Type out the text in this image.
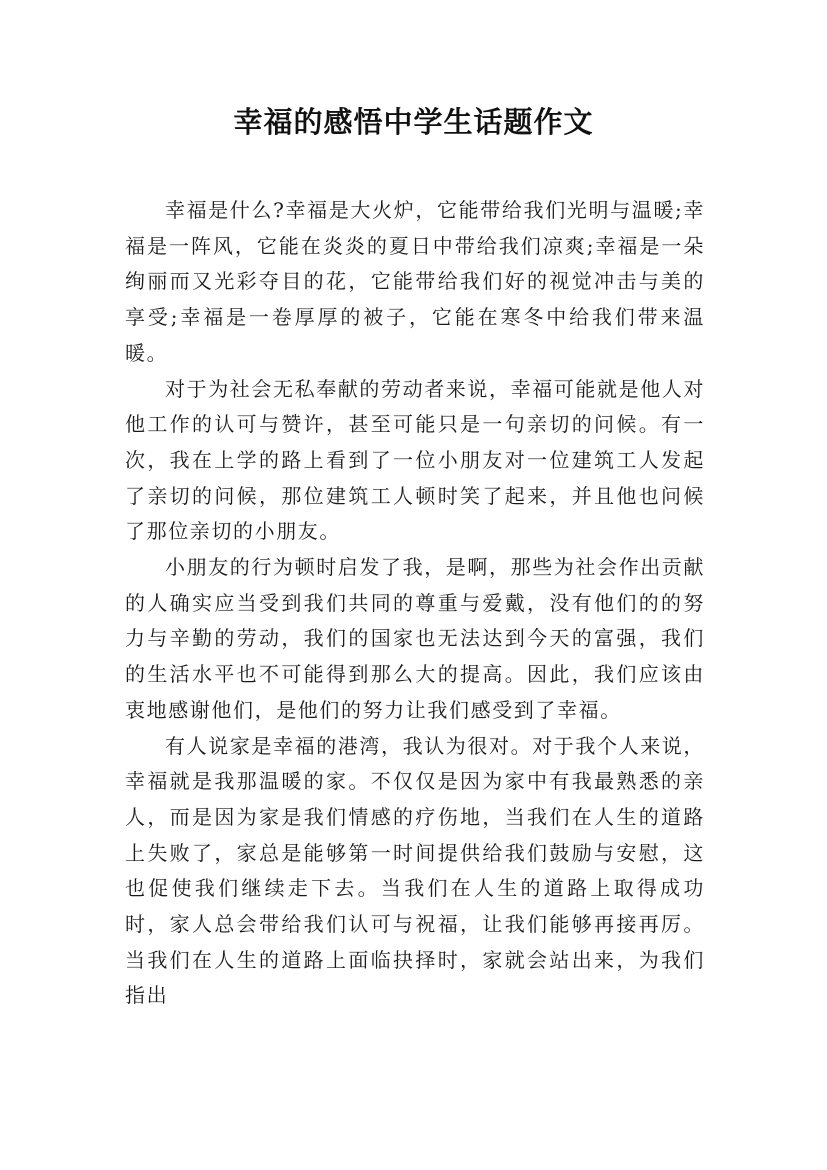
幸福的感悟中学生话题作文

幸福是什么?幸福是大火炉，它能带给我们光明与温暖;幸福是一阵风，它能在炎炎的夏日中带给我们凉爽;幸福是一朵绚丽而又光彩夺目的花，它能带给我们好的视觉冲击与美的享受;幸福是一卷厚厚的被子，它能在寒冬中给我们带来温暖。

对于为社会无私奉献的劳动者来说，幸福可能就是他人对他工作的认可与赞许，甚至可能只是一句亲切的问候。有一次，我在上学的路上看到了一位小朋友对一位建筑工人发起了亲切的问候，那位建筑工人顿时笑了起来，并且他也问候了那位亲切的小朋友。

小朋友的行为顿时启发了我，是啊，那些为社会作出贡献的人确实应当受到我们共同的尊重与爱戴，没有他们的的努力与辛勤的劳动，我们的国家也无法达到今天的富强，我们的生活水平也不可能得到那么大的提高。因此，我们应该由衷地感谢他们，是他们的努力让我们感受到了幸福。

有人说家是幸福的港湾，我认为很对。对于我个人来说，幸福就是我那温暖的家。不仅仅是因为家中有我最熟悉的亲人，而是因为家是我们情感的疗伤地，当我们在人生的道路上失败了，家总是能够第一时间提供给我们鼓励与安慰，这也促使我们继续走下去。当我们在人生的道路上取得成功时，家人总会带给我们认可与祝福，让我们能够再接再厉。当我们在人生的道路上面临抉择时，家就会站出来，为我们指出
